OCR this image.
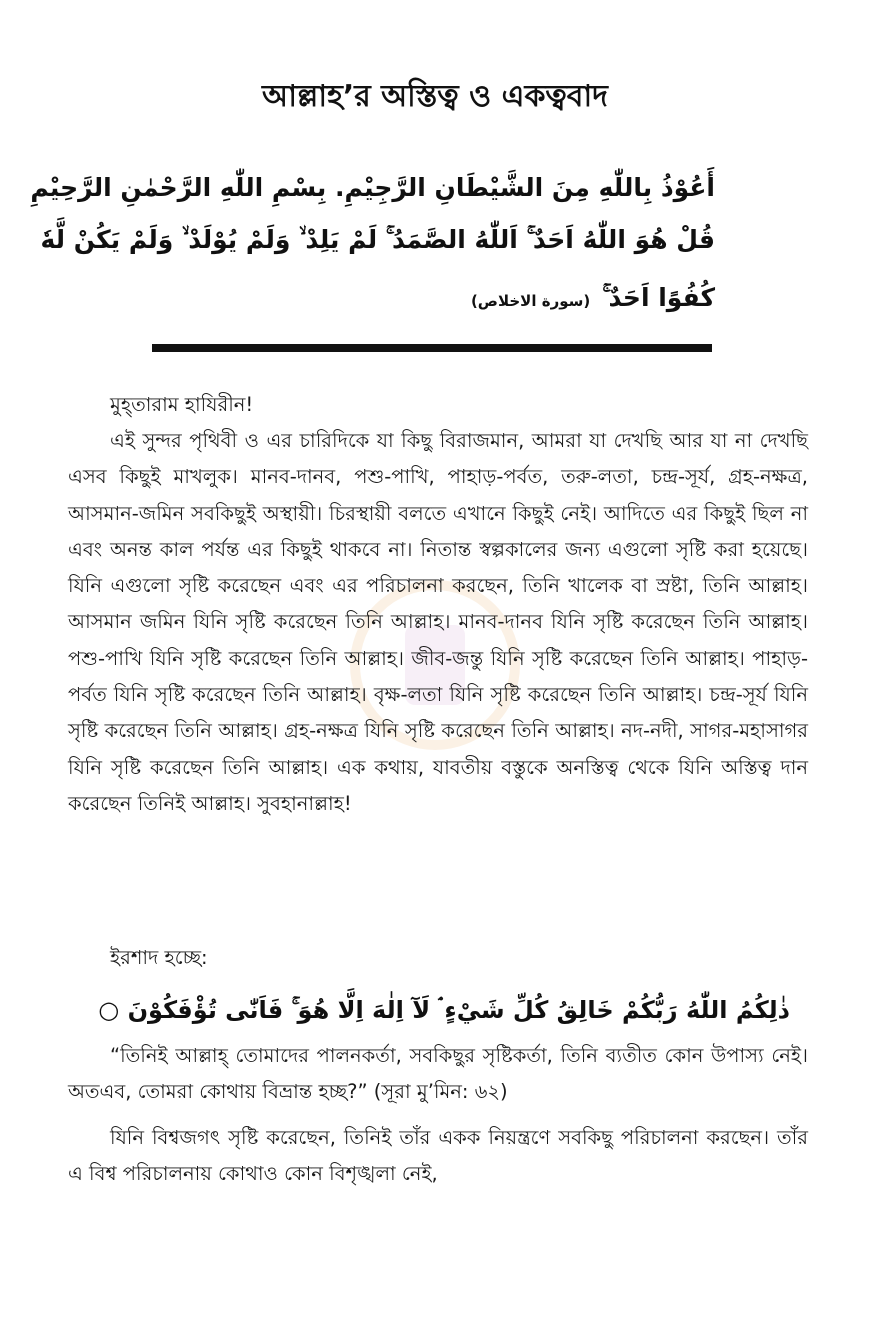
আল্লাহ’র অস্তিত্ব ও একত্ববাদ
أَعُوْذُ بِاللّٰهِ مِنَ الشَّيْطَانِ الرَّجِيْمِ. بِسْمِ اللّٰهِ الرَّحْمٰنِ الرَّحِيْمِ
قُلْ هُوَ اللّٰهُ اَحَدٌ ۚ اَللّٰهُ الصَّمَدُ ۚ لَمْ يَلِدْ ۙ وَلَمْ يُوْلَدْ ۙ وَلَمْ يَكُنْ لَّهٗ
كُفُوًا اَحَدٌ ۚ(سورة الاخلاص)
মুহ্তারাম হাযিরীন!
এই সুন্দর পৃথিবী ও এর চারিদিকে যা কিছু বিরাজমান, আমরা যা দেখছি আর যা না দেখছি এসব কিছুই মাখলুক। মানব-দানব, পশু-পাখি, পাহাড়-পর্বত, তরু-লতা, চন্দ্র-সূর্য, গ্রহ-নক্ষত্র, আসমান-জমিন সবকিছুই অস্থায়ী। চিরস্থায়ী বলতে এখানে কিছুই নেই। আদিতে এর কিছুই ছিল না এবং অনন্ত কাল পর্যন্ত এর কিছুই থাকবে না। নিতান্ত স্বল্পকালের জন্য এগুলো সৃষ্টি করা হয়েছে। যিনি এগুলো সৃষ্টি করেছেন এবং এর পরিচালনা করছেন, তিনি খালেক বা স্রষ্টা, তিনি আল্লাহ। আসমান জমিন যিনি সৃষ্টি করেছেন তিনি আল্লাহ। মানব-দানব যিনি সৃষ্টি করেছেন তিনি আল্লাহ। পশু-পাখি যিনি সৃষ্টি করেছেন তিনি আল্লাহ। জীব-জন্তু যিনি সৃষ্টি করেছেন তিনি আল্লাহ। পাহাড়-পর্বত যিনি সৃষ্টি করেছেন তিনি আল্লাহ। বৃক্ষ-লতা যিনি সৃষ্টি করেছেন তিনি আল্লাহ। চন্দ্র-সূর্য যিনি সৃষ্টি করেছেন তিনি আল্লাহ। গ্রহ-নক্ষত্র যিনি সৃষ্টি করেছেন তিনি আল্লাহ। নদ-নদী, সাগর-মহাসাগর যিনি সৃষ্টি করেছেন তিনি আল্লাহ। এক কথায়, যাবতীয় বস্তুকে অনস্তিত্ব থেকে যিনি অস্তিত্ব দান করেছেন তিনিই আল্লাহ। সুবহানাল্লাহ!
ইরশাদ হচ্ছে:
ذٰلِكُمُ اللّٰهُ رَبُّكُمْ خَالِقُ كُلِّ شَيْءٍ ۘ لَآ اِلٰهَ اِلَّا هُوَ ۚ فَاَنّٰى تُؤْفَكُوْنَ ○
“তিনিই আল্লাহ্ তোমাদের পালনকর্তা, সবকিছুর সৃষ্টিকর্তা, তিনি ব্যতীত কোন উপাস্য নেই। অতএব, তোমরা কোথায় বিভ্রান্ত হচ্ছ?” (সূরা মু’মিন: ৬২)
যিনি বিশ্বজগৎ সৃষ্টি করেছেন, তিনিই তাঁর একক নিয়ন্ত্রণে সবকিছু পরিচালনা করছেন। তাঁর এ বিশ্ব পরিচালনায় কোথাও কোন বিশৃঙ্খলা নেই,
